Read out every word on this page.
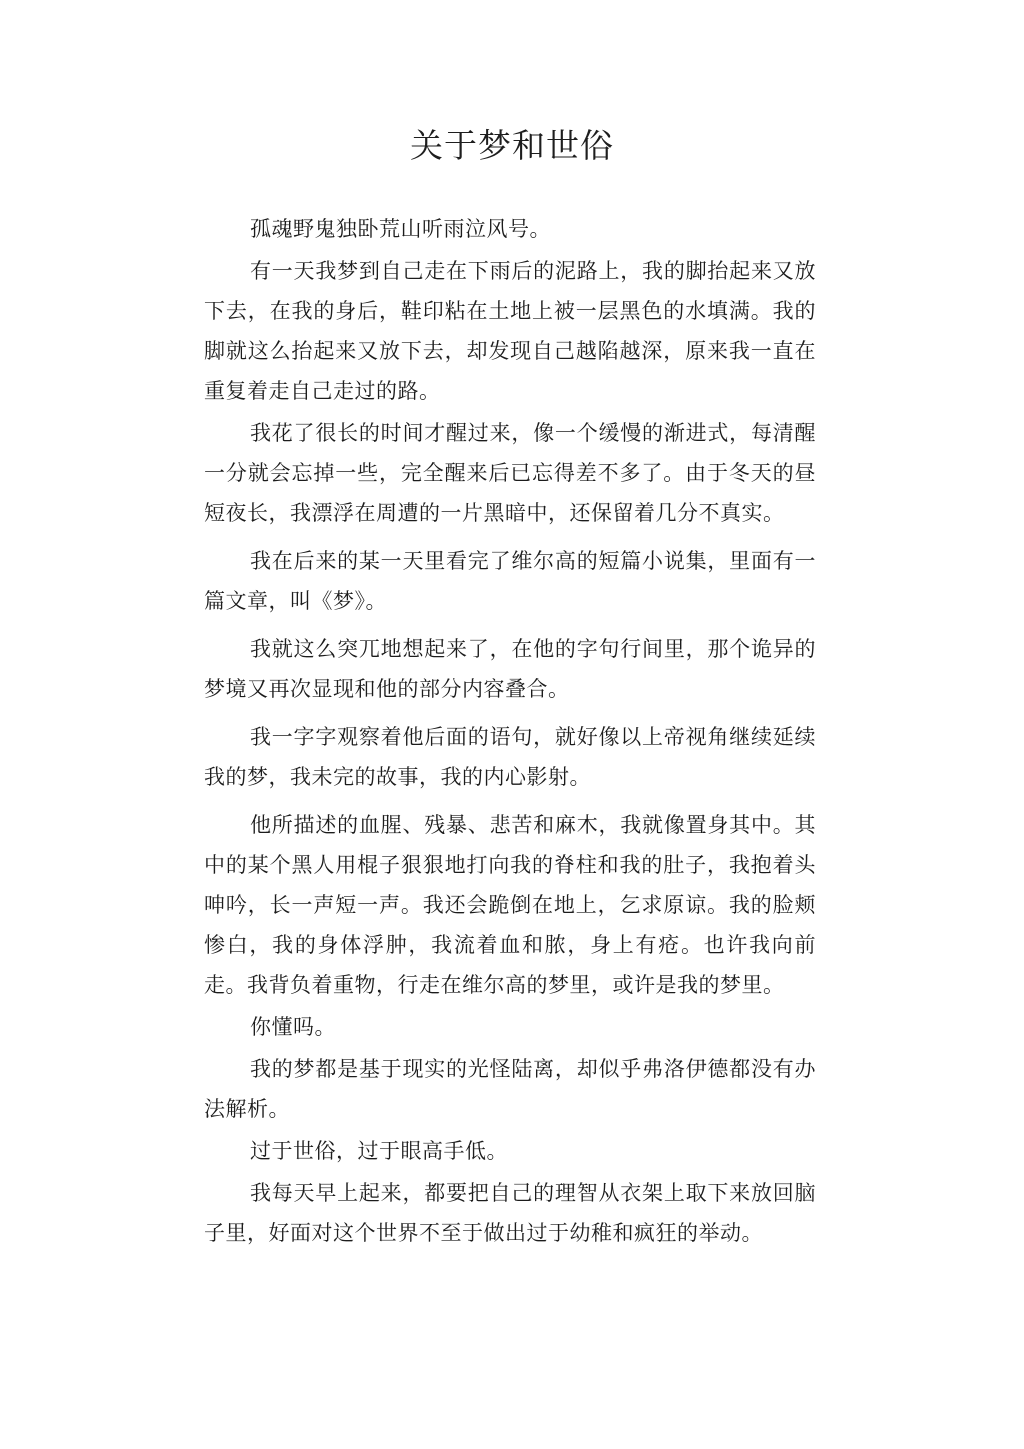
关于梦和世俗

孤魂野鬼独卧荒山听雨泣风号。

有一天我梦到自己走在下雨后的泥路上，我的脚抬起来又放下去，在我的身后，鞋印粘在土地上被一层黑色的水填满。我的脚就这么抬起来又放下去，却发现自己越陷越深，原来我一直在重复着走自己走过的路。

我花了很长的时间才醒过来，像一个缓慢的渐进式，每清醒一分就会忘掉一些，完全醒来后已忘得差不多了。由于冬天的昼短夜长，我漂浮在周遭的一片黑暗中，还保留着几分不真实。

我在后来的某一天里看完了维尔高的短篇小说集，里面有一篇文章，叫《梦》。

我就这么突兀地想起来了，在他的字句行间里，那个诡异的梦境又再次显现和他的部分内容叠合。

我一字字观察着他后面的语句，就好像以上帝视角继续延续我的梦，我未完的故事，我的内心影射。

他所描述的血腥、残暴、悲苦和麻木，我就像置身其中。其中的某个黑人用棍子狠狠地打向我的脊柱和我的肚子，我抱着头呻吟，长一声短一声。我还会跪倒在地上，乞求原谅。我的脸颊惨白，我的身体浮肿，我流着血和脓，身上有疮。也许我向前走。我背负着重物，行走在维尔高的梦里，或许是我的梦里。

你懂吗。

我的梦都是基于现实的光怪陆离，却似乎弗洛伊德都没有办法解析。

过于世俗，过于眼高手低。

我每天早上起来，都要把自己的理智从衣架上取下来放回脑子里，好面对这个世界不至于做出过于幼稚和疯狂的举动。
